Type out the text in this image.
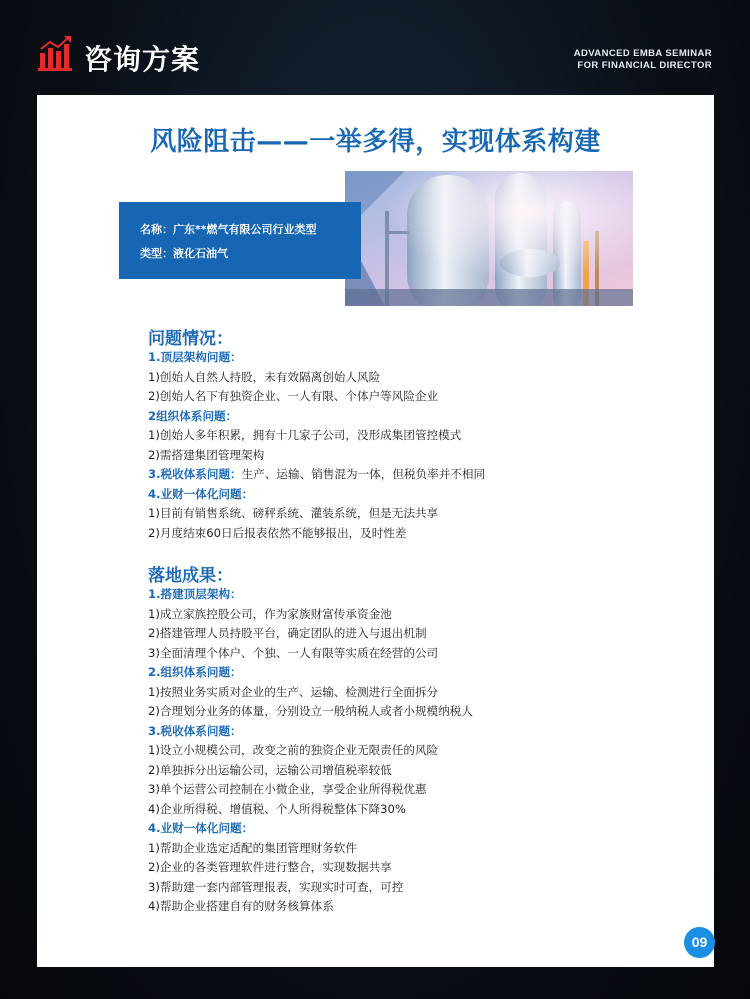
咨询方案	ADVANCED EMBA SEMINAR
FOR FINANCIAL DIRECTOR
风险阻击——一举多得，实现体系构建
名称：广东**燃气有限公司行业类型
类型：液化石油气
问题情况：
1.顶层架构问题：
1)创始人自然人持股，未有效隔离创始人风险
2)创始人名下有独资企业、一人有限、个体户等风险企业
2组织体系问题：
1)创始人多年积累，拥有十几家子公司，没形成集团管控模式
2)需搭建集团管理架构
3.税收体系问题：生产、运输、销售混为一体，但税负率并不相同
4.业财一体化问题：
1)目前有销售系统、磅秤系统、灌装系统，但是无法共享
2)月度结束60日后报表依然不能够报出，及时性差
落地成果：
1.搭建顶层架构：
1)成立家族控股公司，作为家族财富传承资金池
2)搭建管理人员持股平台，确定团队的进入与退出机制
3)全面清理个体户、个独、一人有限等实质在经营的公司
2.组织体系问题：
1)按照业务实质对企业的生产、运输、检测进行全面拆分
2)合理划分业务的体量，分别设立一般纳税人或者小规模纳税人
3.税收体系问题：
1)设立小规模公司，改变之前的独资企业无限责任的风险
2)单独拆分出运输公司，运输公司增值税率较低
3)单个运营公司控制在小微企业，享受企业所得税优惠
4)企业所得税、增值税、个人所得税整体下降30%
4.业财一体化问题：
1)帮助企业选定适配的集团管理财务软件
2)企业的各类管理软件进行整合，实现数据共享
3)帮助建一套内部管理报表，实现实时可查，可控
4)帮助企业搭建自有的财务核算体系
09
